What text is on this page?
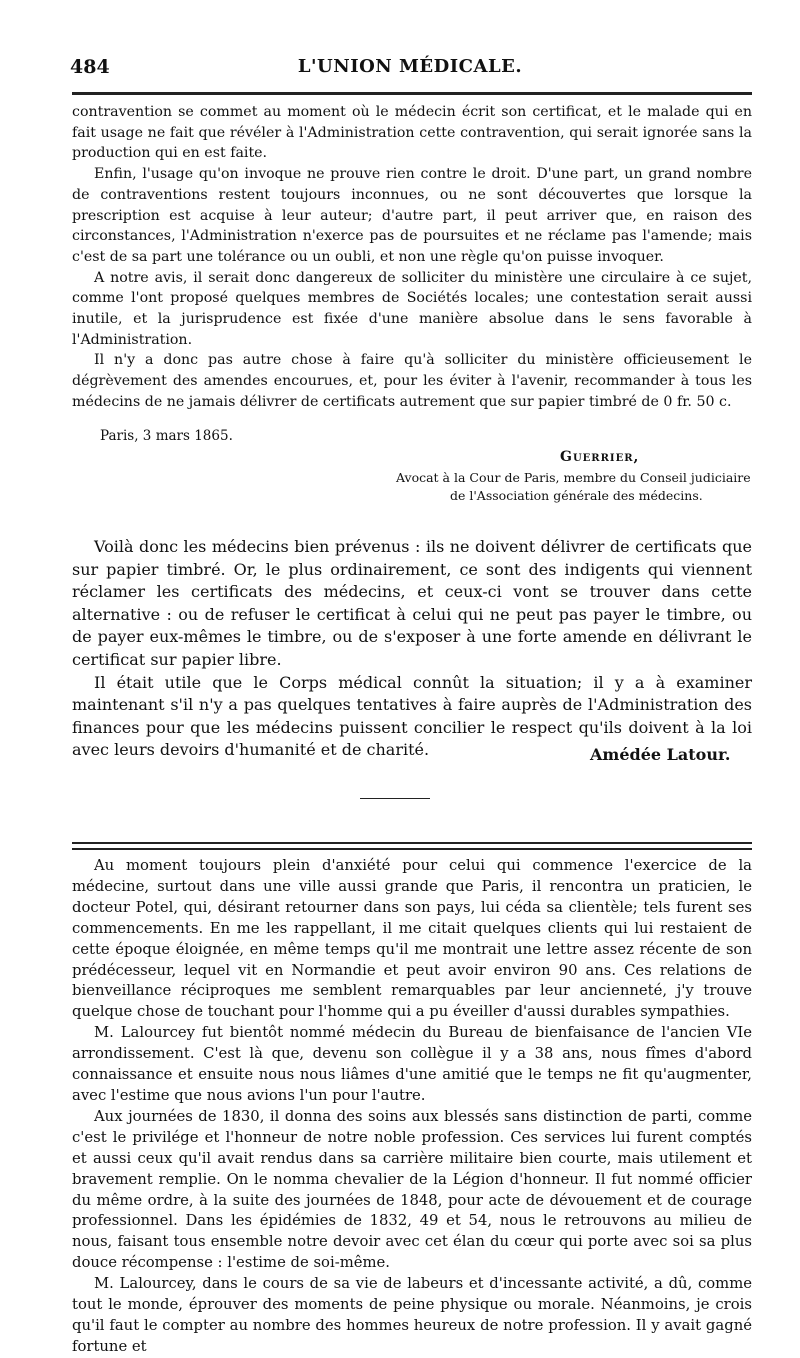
484	L'UNION MÉDICALE.

contravention se commet au moment où le médecin écrit son certificat, et le malade qui en fait usage ne fait que révéler à l'Administration cette contravention, qui serait ignorée sans la production qui en est faite.

Enfin, l'usage qu'on invoque ne prouve rien contre le droit. D'une part, un grand nombre de contraventions restent toujours inconnues, ou ne sont découvertes que lorsque la prescription est acquise à leur auteur; d'autre part, il peut arriver que, en raison des circonstances, l'Administration n'exerce pas de poursuites et ne réclame pas l'amende; mais c'est de sa part une tolérance ou un oubli, et non une règle qu'on puisse invoquer.

A notre avis, il serait donc dangereux de solliciter du ministère une circulaire à ce sujet, comme l'ont proposé quelques membres de Sociétés locales; une contestation serait aussi inutile, et la jurisprudence est fixée d'une manière absolue dans le sens favorable à l'Administration.

Il n'y a donc pas autre chose à faire qu'à solliciter du ministère officieusement le dégrèvement des amendes encourues, et, pour les éviter à l'avenir, recommander à tous les médecins de ne jamais délivrer de certificats autrement que sur papier timbré de 0 fr. 50 c.

Paris, 3 mars 1865.
Guerrier,
Avocat à la Cour de Paris, membre du Conseil judiciaire
de l'Association générale des médecins.

Voilà donc les médecins bien prévenus : ils ne doivent délivrer de certificats que sur papier timbré. Or, le plus ordinairement, ce sont des indigents qui viennent réclamer les certificats des médecins, et ceux-ci vont se trouver dans cette alternative : ou de refuser le certificat à celui qui ne peut pas payer le timbre, ou de payer eux-mêmes le timbre, ou de s'exposer à une forte amende en délivrant le certificat sur papier libre.

Il était utile que le Corps médical connût la situation; il y a à examiner maintenant s'il n'y a pas quelques tentatives à faire auprès de l'Administration des finances pour que les médecins puissent concilier le respect qu'ils doivent à la loi avec leurs devoirs d'humanité et de charité.	Amédée Latour.

Au moment toujours plein d'anxiété pour celui qui commence l'exercice de la médecine, surtout dans une ville aussi grande que Paris, il rencontra un praticien, le docteur Potel, qui, désirant retourner dans son pays, lui céda sa clientèle; tels furent ses commencements. En me les rappellant, il me citait quelques clients qui lui restaient de cette époque éloignée, en même temps qu'il me montrait une lettre assez récente de son prédécesseur, lequel vit en Normandie et peut avoir environ 90 ans. Ces relations de bienveillance réciproques me semblent remarquables par leur ancienneté, j'y trouve quelque chose de touchant pour l'homme qui a pu éveiller d'aussi durables sympathies.

M. Lalourcey fut bientôt nommé médecin du Bureau de bienfaisance de l'ancien VIe arrondissement. C'est là que, devenu son collègue il y a 38 ans, nous fîmes d'abord connaissance et ensuite nous nous liâmes d'une amitié que le temps ne fit qu'augmenter, avec l'estime que nous avions l'un pour l'autre.

Aux journées de 1830, il donna des soins aux blessés sans distinction de parti, comme c'est le privilége et l'honneur de notre noble profession. Ces services lui furent comptés et aussi ceux qu'il avait rendus dans sa carrière militaire bien courte, mais utilement et bravement remplie. On le nomma chevalier de la Légion d'honneur. Il fut nommé officier du même ordre, à la suite des journées de 1848, pour acte de dévouement et de courage professionnel. Dans les épidémies de 1832, 49 et 54, nous le retrouvons au milieu de nous, faisant tous ensemble notre devoir avec cet élan du cœur qui porte avec soi sa plus douce récompense : l'estime de soi-même.

M. Lalourcey, dans le cours de sa vie de labeurs et d'incessante activité, a dû, comme tout le monde, éprouver des moments de peine physique ou morale. Néanmoins, je crois qu'il faut le compter au nombre des hommes heureux de notre profession. Il y avait gagné fortune et
